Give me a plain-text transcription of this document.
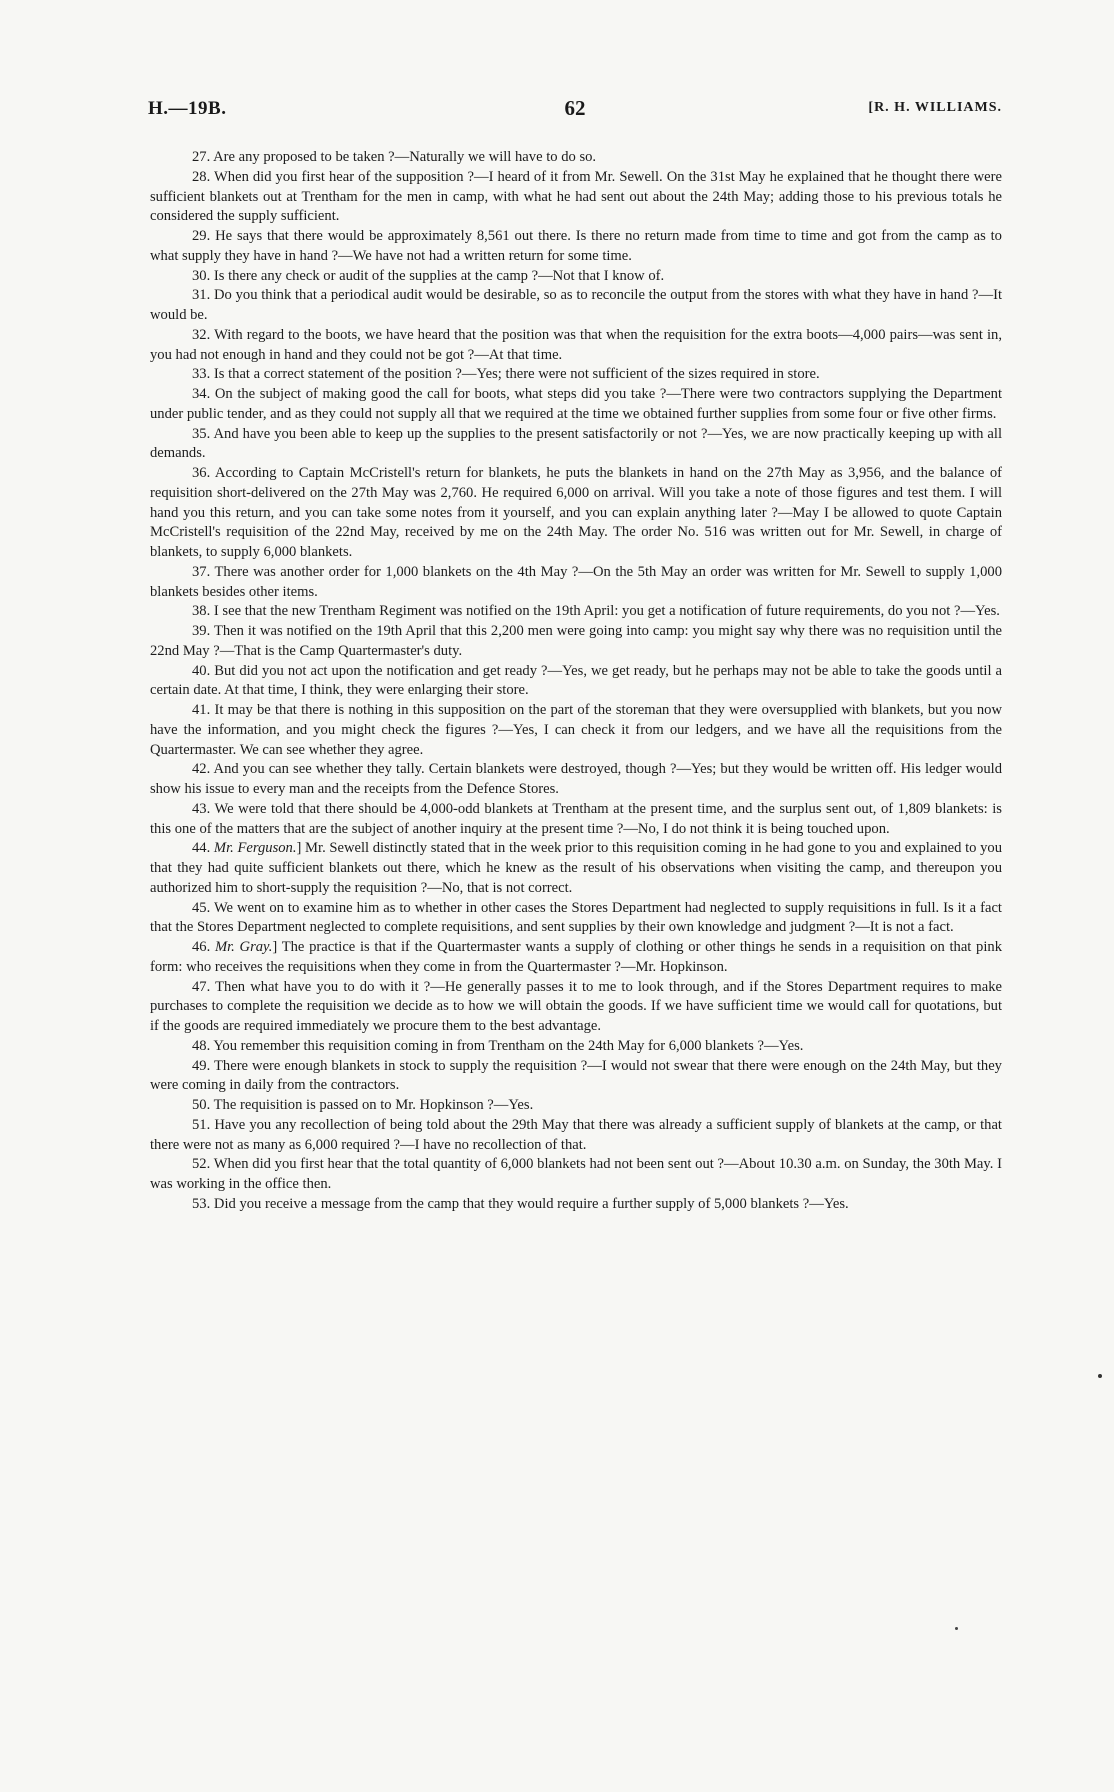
H.—19B.	62	[R. H. WILLIAMS.

27. Are any proposed to be taken ?—Naturally we will have to do so.

28. When did you first hear of the supposition ?—I heard of it from Mr. Sewell. On the 31st May he explained that he thought there were sufficient blankets out at Trentham for the men in camp, with what he had sent out about the 24th May; adding those to his previous totals he considered the supply sufficient.

29. He says that there would be approximately 8,561 out there. Is there no return made from time to time and got from the camp as to what supply they have in hand ?—We have not had a written return for some time.

30. Is there any check or audit of the supplies at the camp ?—Not that I know of.

31. Do you think that a periodical audit would be desirable, so as to reconcile the output from the stores with what they have in hand ?—It would be.

32. With regard to the boots, we have heard that the position was that when the requisition for the extra boots—4,000 pairs—was sent in, you had not enough in hand and they could not be got ?—At that time.

33. Is that a correct statement of the position ?—Yes; there were not sufficient of the sizes required in store.

34. On the subject of making good the call for boots, what steps did you take ?—There were two contractors supplying the Department under public tender, and as they could not supply all that we required at the time we obtained further supplies from some four or five other firms.

35. And have you been able to keep up the supplies to the present satisfactorily or not ?—Yes, we are now practically keeping up with all demands.

36. According to Captain McCristell's return for blankets, he puts the blankets in hand on the 27th May as 3,956, and the balance of requisition short-delivered on the 27th May was 2,760. He required 6,000 on arrival. Will you take a note of those figures and test them. I will hand you this return, and you can take some notes from it yourself, and you can explain anything later ?—May I be allowed to quote Captain McCristell's requisition of the 22nd May, received by me on the 24th May. The order No. 516 was written out for Mr. Sewell, in charge of blankets, to supply 6,000 blankets.

37. There was another order for 1,000 blankets on the 4th May ?—On the 5th May an order was written for Mr. Sewell to supply 1,000 blankets besides other items.

38. I see that the new Trentham Regiment was notified on the 19th April: you get a notification of future requirements, do you not ?—Yes.

39. Then it was notified on the 19th April that this 2,200 men were going into camp: you might say why there was no requisition until the 22nd May ?—That is the Camp Quartermaster's duty.

40. But did you not act upon the notification and get ready ?—Yes, we get ready, but he perhaps may not be able to take the goods until a certain date. At that time, I think, they were enlarging their store.

41. It may be that there is nothing in this supposition on the part of the storeman that they were oversupplied with blankets, but you now have the information, and you might check the figures ?—Yes, I can check it from our ledgers, and we have all the requisitions from the Quartermaster. We can see whether they agree.

42. And you can see whether they tally. Certain blankets were destroyed, though ?—Yes; but they would be written off. His ledger would show his issue to every man and the receipts from the Defence Stores.

43. We were told that there should be 4,000-odd blankets at Trentham at the present time, and the surplus sent out, of 1,809 blankets: is this one of the matters that are the subject of another inquiry at the present time ?—No, I do not think it is being touched upon.

44. Mr. Ferguson.] Mr. Sewell distinctly stated that in the week prior to this requisition coming in he had gone to you and explained to you that they had quite sufficient blankets out there, which he knew as the result of his observations when visiting the camp, and thereupon you authorized him to short-supply the requisition ?—No, that is not correct.

45. We went on to examine him as to whether in other cases the Stores Department had neglected to supply requisitions in full. Is it a fact that the Stores Department neglected to complete requisitions, and sent supplies by their own knowledge and judgment ?—It is not a fact.

46. Mr. Gray.] The practice is that if the Quartermaster wants a supply of clothing or other things he sends in a requisition on that pink form: who receives the requisitions when they come in from the Quartermaster ?—Mr. Hopkinson.

47. Then what have you to do with it ?—He generally passes it to me to look through, and if the Stores Department requires to make purchases to complete the requisition we decide as to how we will obtain the goods. If we have sufficient time we would call for quotations, but if the goods are required immediately we procure them to the best advantage.

48. You remember this requisition coming in from Trentham on the 24th May for 6,000 blankets ?—Yes.

49. There were enough blankets in stock to supply the requisition ?—I would not swear that there were enough on the 24th May, but they were coming in daily from the contractors.

50. The requisition is passed on to Mr. Hopkinson ?—Yes.

51. Have you any recollection of being told about the 29th May that there was already a sufficient supply of blankets at the camp, or that there were not as many as 6,000 required ?—I have no recollection of that.

52. When did you first hear that the total quantity of 6,000 blankets had not been sent out ?—About 10.30 a.m. on Sunday, the 30th May. I was working in the office then.

53. Did you receive a message from the camp that they would require a further supply of 5,000 blankets ?—Yes.
